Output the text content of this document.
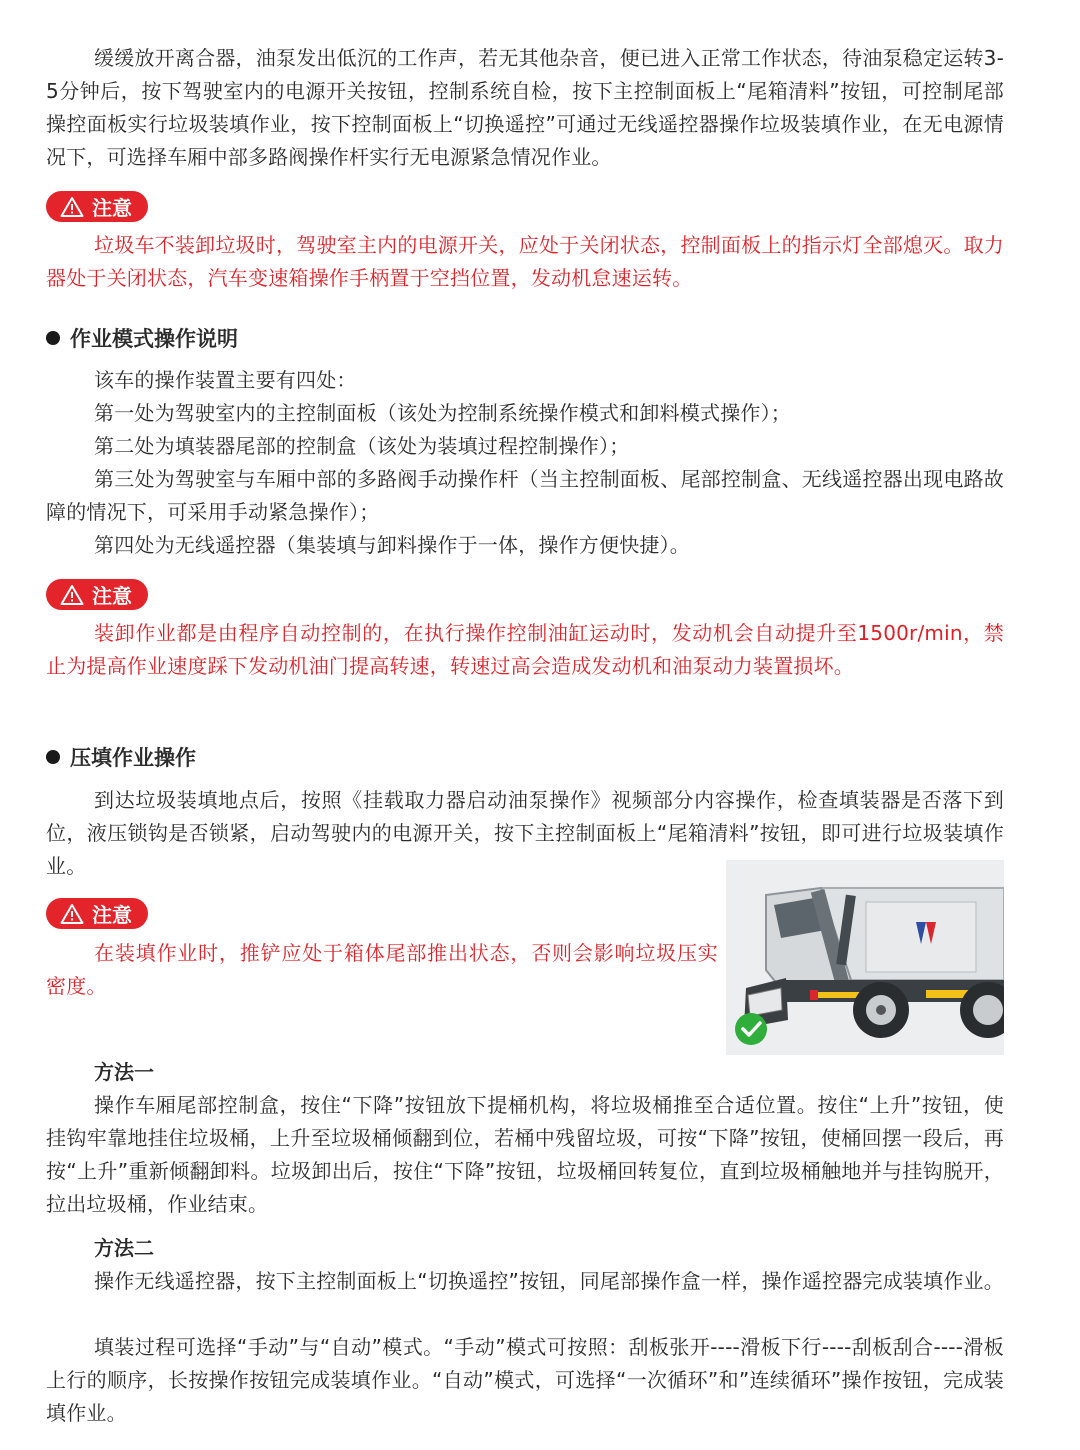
缓缓放开离合器，油泵发出低沉的工作声，若无其他杂音，便已进入正常工作状态，待油泵稳定运转3-5分钟后，按下驾驶室内的电源开关按钮，控制系统自检，按下主控制面板上“尾箱清料”按钮，可控制尾部操控面板实行垃圾装填作业，按下控制面板上“切换遥控”可通过无线遥控器操作垃圾装填作业，在无电源情况下，可选择车厢中部多路阀操作杆实行无电源紧急情况作业。

注意

垃圾车不装卸垃圾时，驾驶室主内的电源开关，应处于关闭状态，控制面板上的指示灯全部熄灭。取力器处于关闭状态，汽车变速箱操作手柄置于空挡位置，发动机怠速运转。

作业模式操作说明

该车的操作装置主要有四处：

第一处为驾驶室内的主控制面板（该处为控制系统操作模式和卸料模式操作）；

第二处为填装器尾部的控制盒（该处为装填过程控制操作）；

第三处为驾驶室与车厢中部的多路阀手动操作杆（当主控制面板、尾部控制盒、无线遥控器出现电路故障的情况下，可采用手动紧急操作）；

第四处为无线遥控器（集装填与卸料操作于一体，操作方便快捷）。

注意

装卸作业都是由程序自动控制的，在执行操作控制油缸运动时，发动机会自动提升至1500r/min，禁止为提高作业速度踩下发动机油门提高转速，转速过高会造成发动机和油泵动力装置损坏。

压填作业操作

到达垃圾装填地点后，按照《挂载取力器启动油泵操作》视频部分内容操作，检查填装器是否落下到位，液压锁钩是否锁紧，启动驾驶内的电源开关，按下主控制面板上“尾箱清料”按钮，即可进行垃圾装填作业。

注意

在装填作业时，推铲应处于箱体尾部推出状态，否则会影响垃圾压实密度。

方法一

操作车厢尾部控制盒，按住“下降”按钮放下提桶机构，将垃圾桶推至合适位置。按住“上升”按钮，使挂钩牢靠地挂住垃圾桶，上升至垃圾桶倾翻到位，若桶中残留垃圾，可按“下降”按钮，使桶回摆一段后，再按“上升”重新倾翻卸料。垃圾卸出后，按住“下降”按钮，垃圾桶回转复位，直到垃圾桶触地并与挂钩脱开，拉出垃圾桶，作业结束。

方法二

操作无线遥控器，按下主控制面板上“切换遥控”按钮，同尾部操作盒一样，操作遥控器完成装填作业。

填装过程可选择“手动”与“自动”模式。“手动”模式可按照：刮板张开----滑板下行----刮板刮合----滑板上行的顺序，长按操作按钮完成装填作业。“自动”模式，可选择“一次循环”和”连续循环”操作按钮，完成装填作业。
